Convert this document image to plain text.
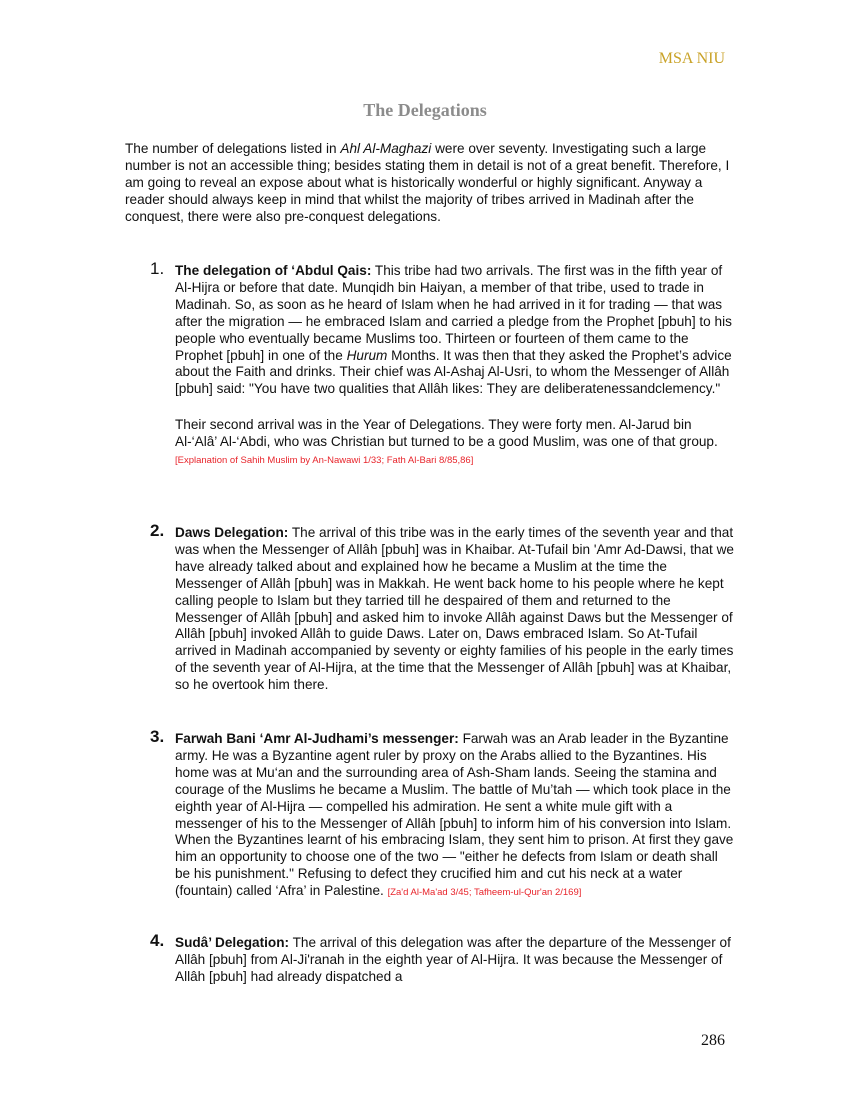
MSA NIU
The Delegations

The number of delegations listed in Ahl Al-Maghazi were over seventy. Investigating such a large number is not an accessible thing; besides stating them in detail is not of a great benefit. Therefore, I am going to reveal an expose about what is historically wonderful or highly significant. Anyway a reader should always keep in mind that whilst the majority of tribes arrived in Madinah after the conquest, there were also pre-conquest delegations.

1. The delegation of ‘Abdul Qais: This tribe had two arrivals. The first was in the fifth year of Al-Hijra or before that date. Munqidh bin Haiyan, a member of that tribe, used to trade in Madinah. So, as soon as he heard of Islam when he had arrived in it for trading — that was after the migration — he embraced Islam and carried a pledge from the Prophet [pbuh] to his people who eventually became Muslims too. Thirteen or fourteen of them came to the Prophet [pbuh] in one of the Hurum Months. It was then that they asked the Prophet’s advice about the Faith and drinks. Their chief was Al-Ashaj Al-Usri, to whom the Messenger of Allâh [pbuh] said: "You have two qualities that Allâh likes: They are deliberatenessandclemency."
Their second arrival was in the Year of Delegations. They were forty men. Al-Jarud bin Al-‘Alâ’ Al-‘Abdi, who was Christian but turned to be a good Muslim, was one of that group. [Explanation of Sahih Muslim by An-Nawawi 1/33; Fath Al-Bari 8/85,86]
2. Daws Delegation: The arrival of this tribe was in the early times of the seventh year and that was when the Messenger of Allâh [pbuh] was in Khaibar. At-Tufail bin 'Amr Ad-Dawsi, that we have already talked about and explained how he became a Muslim at the time the Messenger of Allâh [pbuh] was in Makkah. He went back home to his people where he kept calling people to Islam but they tarried till he despaired of them and returned to the Messenger of Allâh [pbuh] and asked him to invoke Allâh against Daws but the Messenger of Allâh [pbuh] invoked Allâh to guide Daws. Later on, Daws embraced Islam. So At-Tufail arrived in Madinah accompanied by seventy or eighty families of his people in the early times of the seventh year of Al-Hijra, at the time that the Messenger of Allâh [pbuh] was at Khaibar, so he overtook him there.
3. Farwah Bani ‘Amr Al-Judhami’s messenger: Farwah was an Arab leader in the Byzantine army. He was a Byzantine agent ruler by proxy on the Arabs allied to the Byzantines. His home was at Mu‘an and the surrounding area of Ash-Sham lands. Seeing the stamina and courage of the Muslims he became a Muslim. The battle of Mu’tah — which took place in the eighth year of Al-Hijra — compelled his admiration. He sent a white mule gift with a messenger of his to the Messenger of Allâh [pbuh] to inform him of his conversion into Islam. When the Byzantines learnt of his embracing Islam, they sent him to prison. At first they gave him an opportunity to choose one of the two — "either he defects from Islam or death shall be his punishment." Refusing to defect they crucified him and cut his neck at a water (fountain) called ‘Afra’ in Palestine. [Za'd Al-Ma'ad 3/45; Tafheem-ul-Qur'an 2/169]
4. Sudâ’ Delegation: The arrival of this delegation was after the departure of the Messenger of Allâh [pbuh] from Al-Ji'ranah in the eighth year of Al-Hijra. It was because the Messenger of Allâh [pbuh] had already dispatched a
286
